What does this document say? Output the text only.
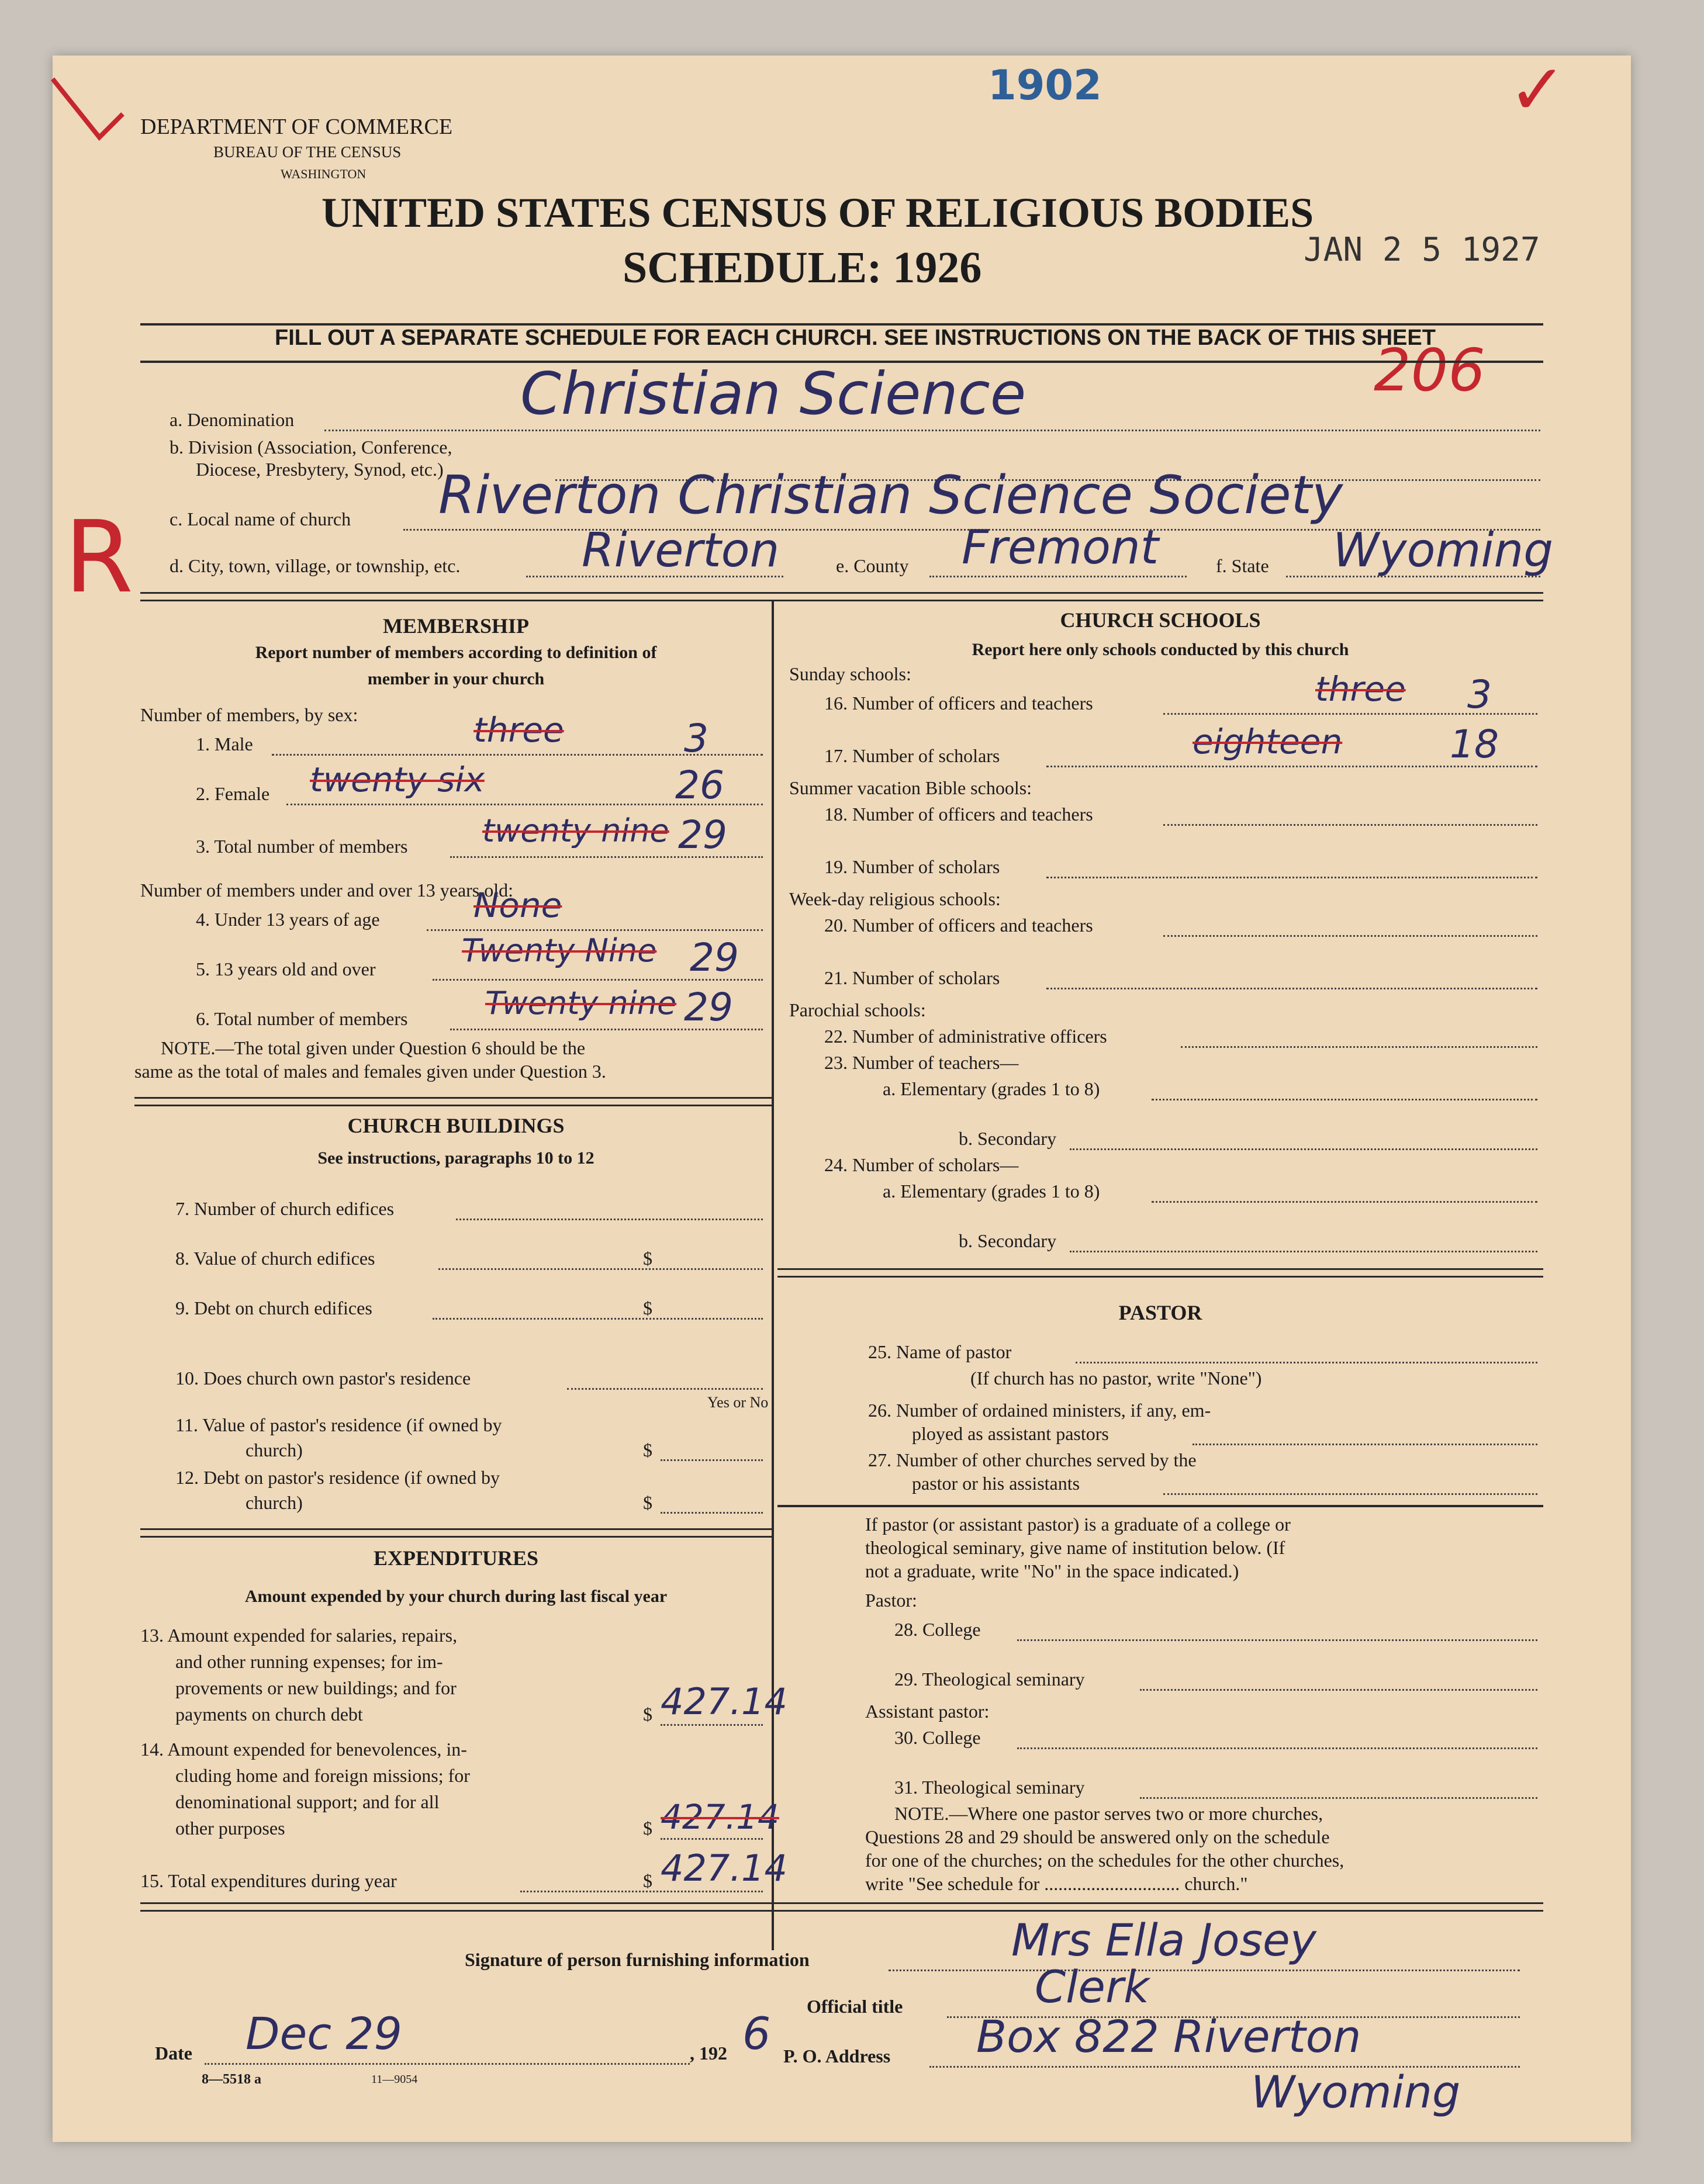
1902
JAN 2 5 1927
206
R
✓
DEPARTMENT OF COMMERCE
BUREAU OF THE CENSUS
WASHINGTON
UNITED STATES CENSUS OF RELIGIOUS BODIES
SCHEDULE: 1926
FILL OUT A SEPARATE SCHEDULE FOR EACH CHURCH. SEE INSTRUCTIONS ON THE BACK OF THIS SHEET
a. Denomination	Christian Science
b. Division (Association, Conference,
Diocese, Presbytery, Synod, etc.)
c. Local name of church Riverton Christian Science Society
d. City, town, village, or township, etc.	Riverton	e. County Fremont	f. State Wyoming
MEMBERSHIP
Report number of members according to definition of
member in your church
Number of members, by sex:
1. Male	three	3
2. Female twenty six	26
3. Total number of members twenty nine 29
Number of members under and over 13 years old:
4. Under 13 years of age	None
5. 13 years old and over	Twenty Nine 29
6. Total number of members Twenty nine 29
NOTE.—The total given under Question 6 should be the
same as the total of males and females given under Question 3.
CHURCH BUILDINGS
See instructions, paragraphs 10 to 12
7. Number of church edifices
8. Value of church edifices	$
9. Debt on church edifices	$
10. Does church own pastor's residence
Yes or No
11. Value of pastor's residence (if owned by
church)	$
12. Debt on pastor's residence (if owned by
church)	$
EXPENDITURES
Amount expended by your church during last fiscal year
13. Amount expended for salaries, repairs,
and other running expenses; for im-
provements or new buildings; and for
payments on church debt	$ 427.14
14. Amount expended for benevolences, in-
cluding home and foreign missions; for
denominational support; and for all
other purposes	$ 427.14
15. Total expenditures during year	$ 427.14
CHURCH SCHOOLS
Report here only schools conducted by this church
Sunday schools:
16. Number of officers and teachers	three 3
17. Number of scholars	eighteen	18
Summer vacation Bible schools:
18. Number of officers and teachers
19. Number of scholars
Week-day religious schools:
20. Number of officers and teachers
21. Number of scholars
Parochial schools:
22. Number of administrative officers
23. Number of teachers—
a. Elementary (grades 1 to 8)
b. Secondary
24. Number of scholars—
a. Elementary (grades 1 to 8)
b. Secondary
PASTOR
25. Name of pastor
(If church has no pastor, write "None")
26. Number of ordained ministers, if any, em-
ployed as assistant pastors
27. Number of other churches served by the
pastor or his assistants
If pastor (or assistant pastor) is a graduate of a college or
theological seminary, give name of institution below. (If
not a graduate, write "No" in the space indicated.)
Pastor:
28. College
29. Theological seminary
Assistant pastor:
30. College
31. Theological seminary
NOTE.—Where one pastor serves two or more churches,
Questions 28 and 29 should be answered only on the schedule
for one of the churches; on the schedules for the other churches,
write "See schedule for ............................. church."
Signature of person furnishing information	Mrs Ella Josey
Official title	Clerk
Date Dec 29	, 192 6 P. O. Address Box 822 Riverton
Wyoming
8—5518 a	11—9054
